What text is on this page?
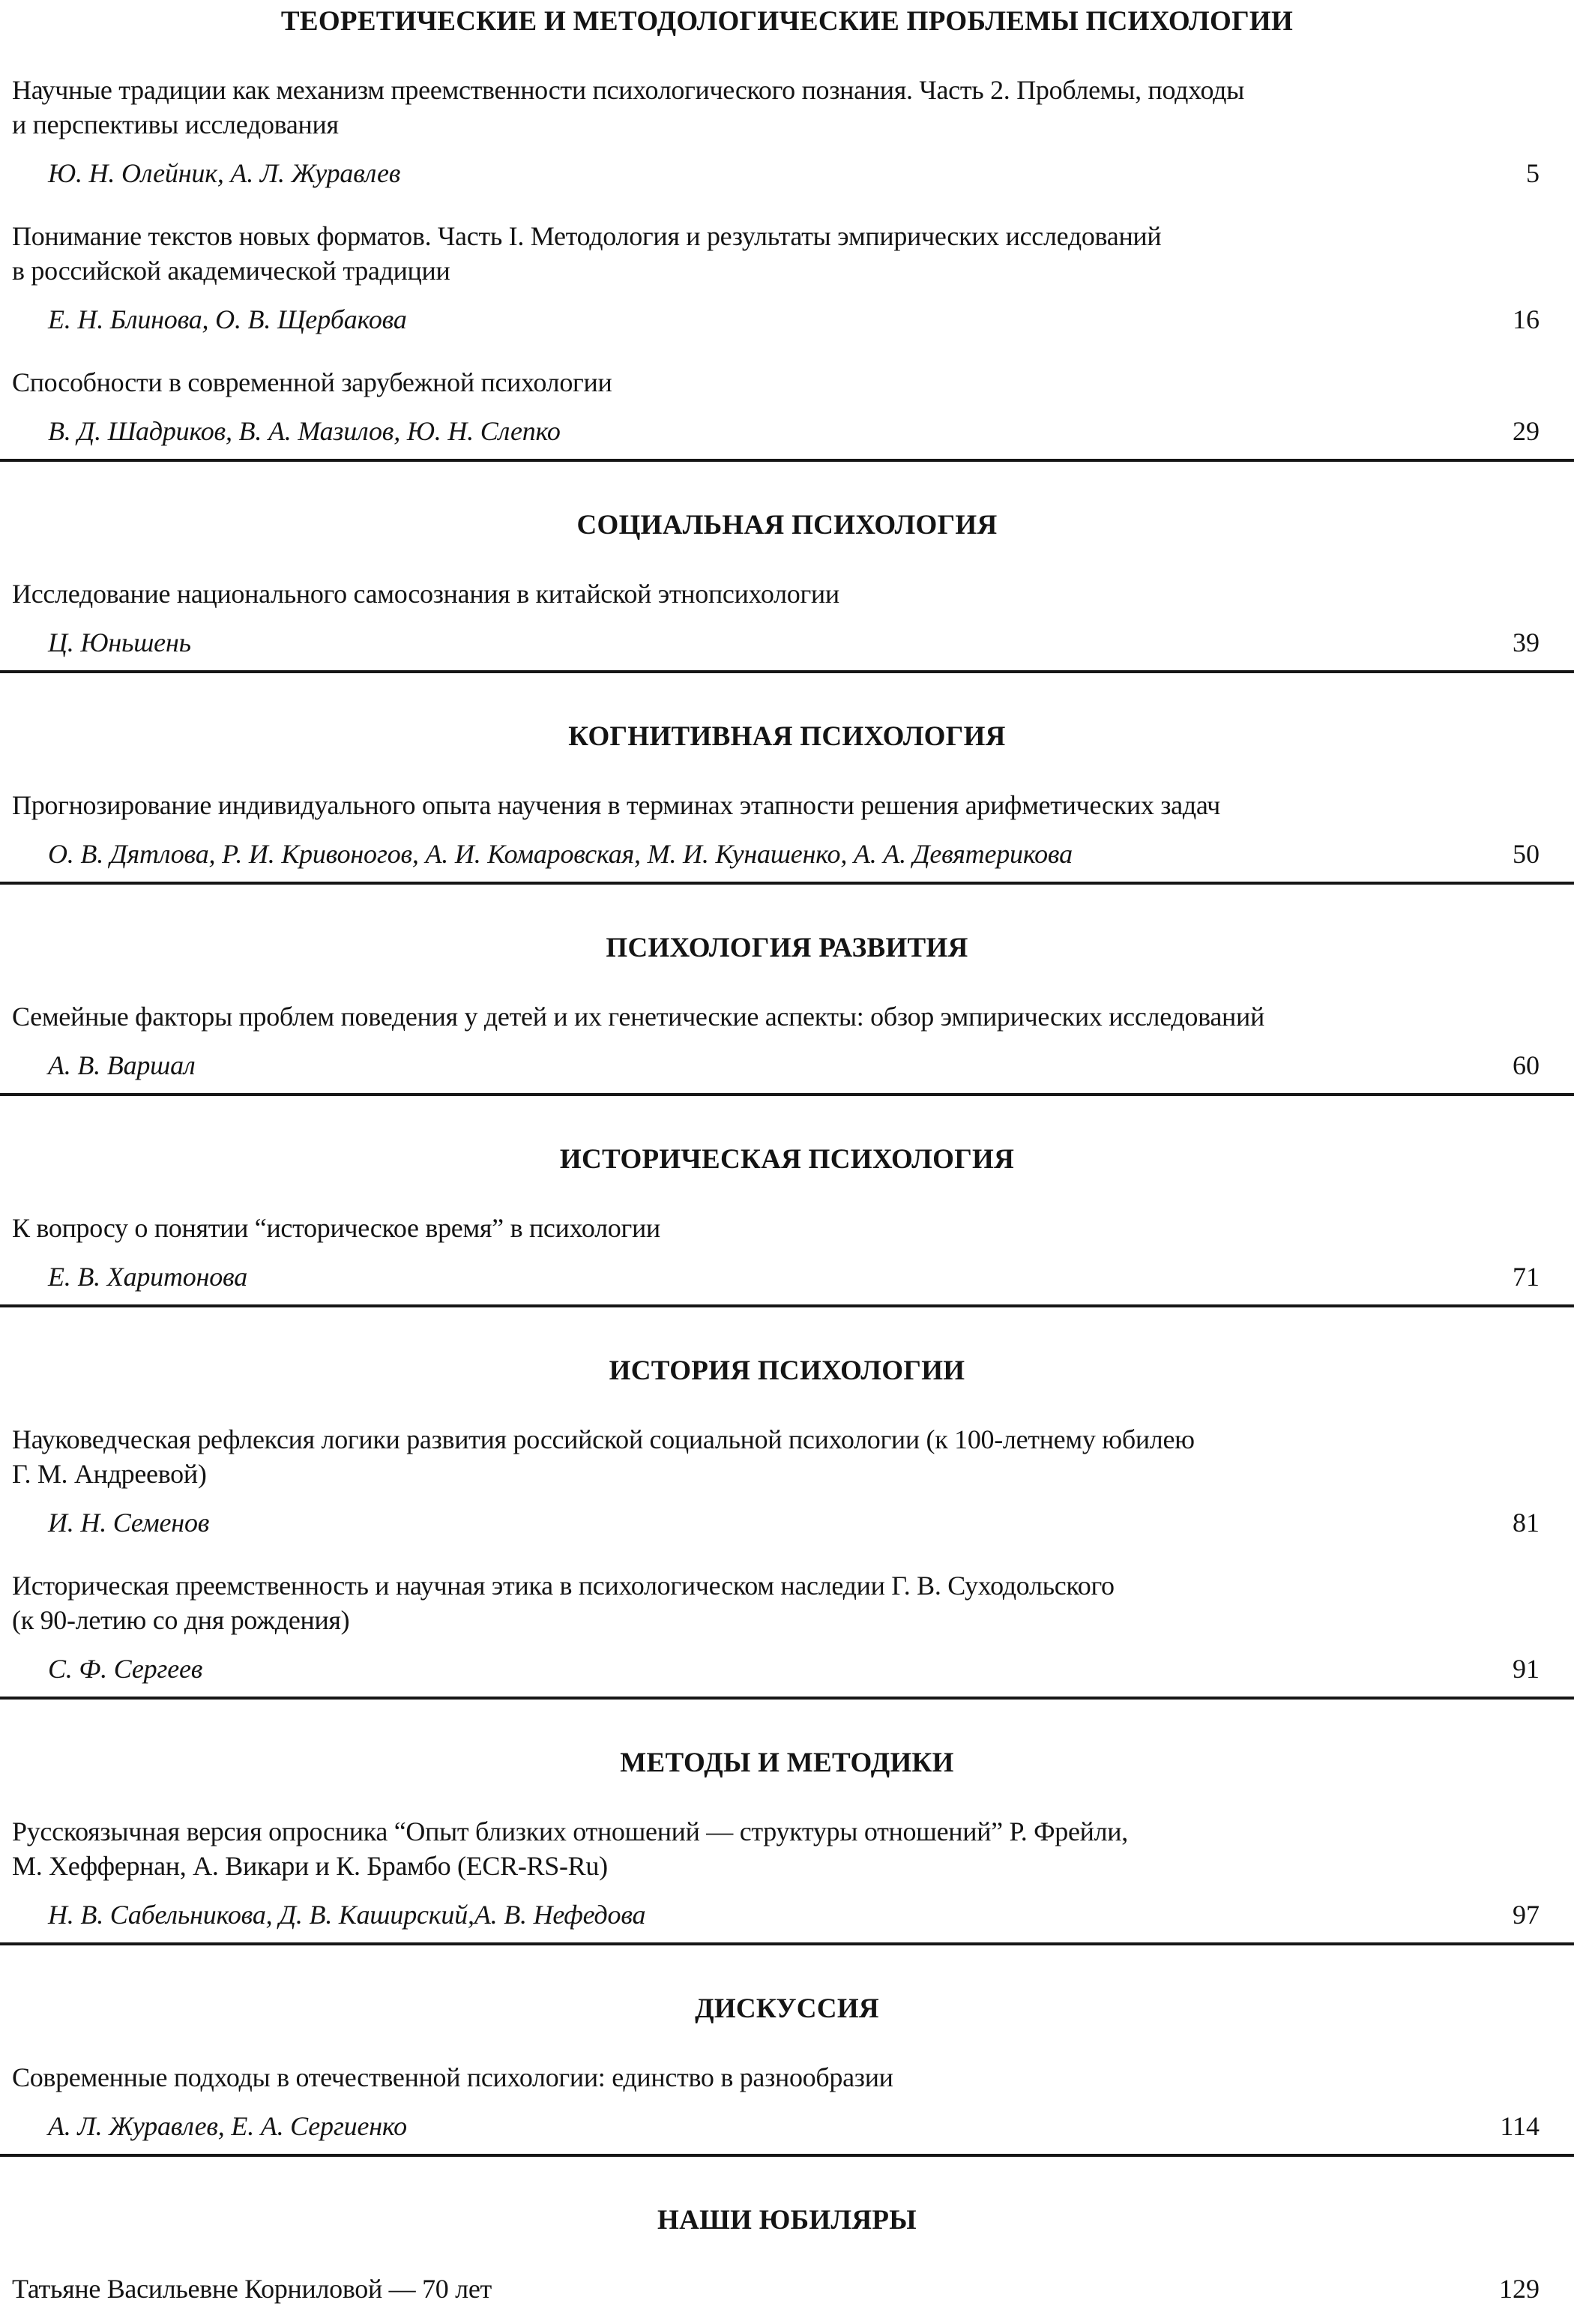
ТЕОРЕТИЧЕСКИЕ И МЕТОДОЛОГИЧЕСКИЕ ПРОБЛЕМЫ ПСИХОЛОГИИ
Научные традиции как механизм преемственности психологического познания. Часть 2. Проблемы, подходы
и перспективы исследования
Ю. Н. Олейник, А. Л. Журавлев	5
Понимание текстов новых форматов. Часть I. Методология и результаты эмпирических исследований
в российской академической традиции
Е. Н. Блинова, О. В. Щербакова	16
Способности в современной зарубежной психологии
В. Д. Шадриков, В. А. Мазилов, Ю. Н. Слепко	29
СОЦИАЛЬНАЯ ПСИХОЛОГИЯ
Исследование национального самосознания в китайской этнопсихологии
Ц. Юньшень	39
КОГНИТИВНАЯ ПСИХОЛОГИЯ
Прогнозирование индивидуального опыта научения в терминах этапности решения арифметических задач
О. В. Дятлова, Р. И. Кривоногов, А. И. Комаровская, М. И. Кунашенко, А. А. Девятерикова	50
ПСИХОЛОГИЯ РАЗВИТИЯ
Семейные факторы проблем поведения у детей и их генетические аспекты: обзор эмпирических исследований
А. В. Варшал	60
ИСТОРИЧЕСКАЯ ПСИХОЛОГИЯ
К вопросу о понятии “историческое время” в психологии
Е. В. Харитонова	71
ИСТОРИЯ ПСИХОЛОГИИ
Науковедческая рефлексия логики развития российской социальной психологии (к 100-летнему юбилею
Г. М. Андреевой)
И. Н. Семенов	81
Историческая преемственность и научная этика в психологическом наследии Г. В. Суходольского
(к 90-летию со дня рождения)
С. Ф. Сергеев	91
МЕТОДЫ И МЕТОДИКИ
Русскоязычная версия опросника “Опыт близких отношений — структуры отношений” Р. Фрейли,
М. Хеффернан, А. Викари и К. Брамбо (ECR-RS-Ru)
Н. В. Сабельникова, Д. В. Каширский,А. В. Нефедова	97
ДИСКУССИЯ
Современные подходы в отечественной психологии: единство в разнообразии
А. Л. Журавлев, Е. А. Сергиенко	114
НАШИ ЮБИЛЯРЫ
Татьяне Васильевне Корниловой — 70 лет	129
